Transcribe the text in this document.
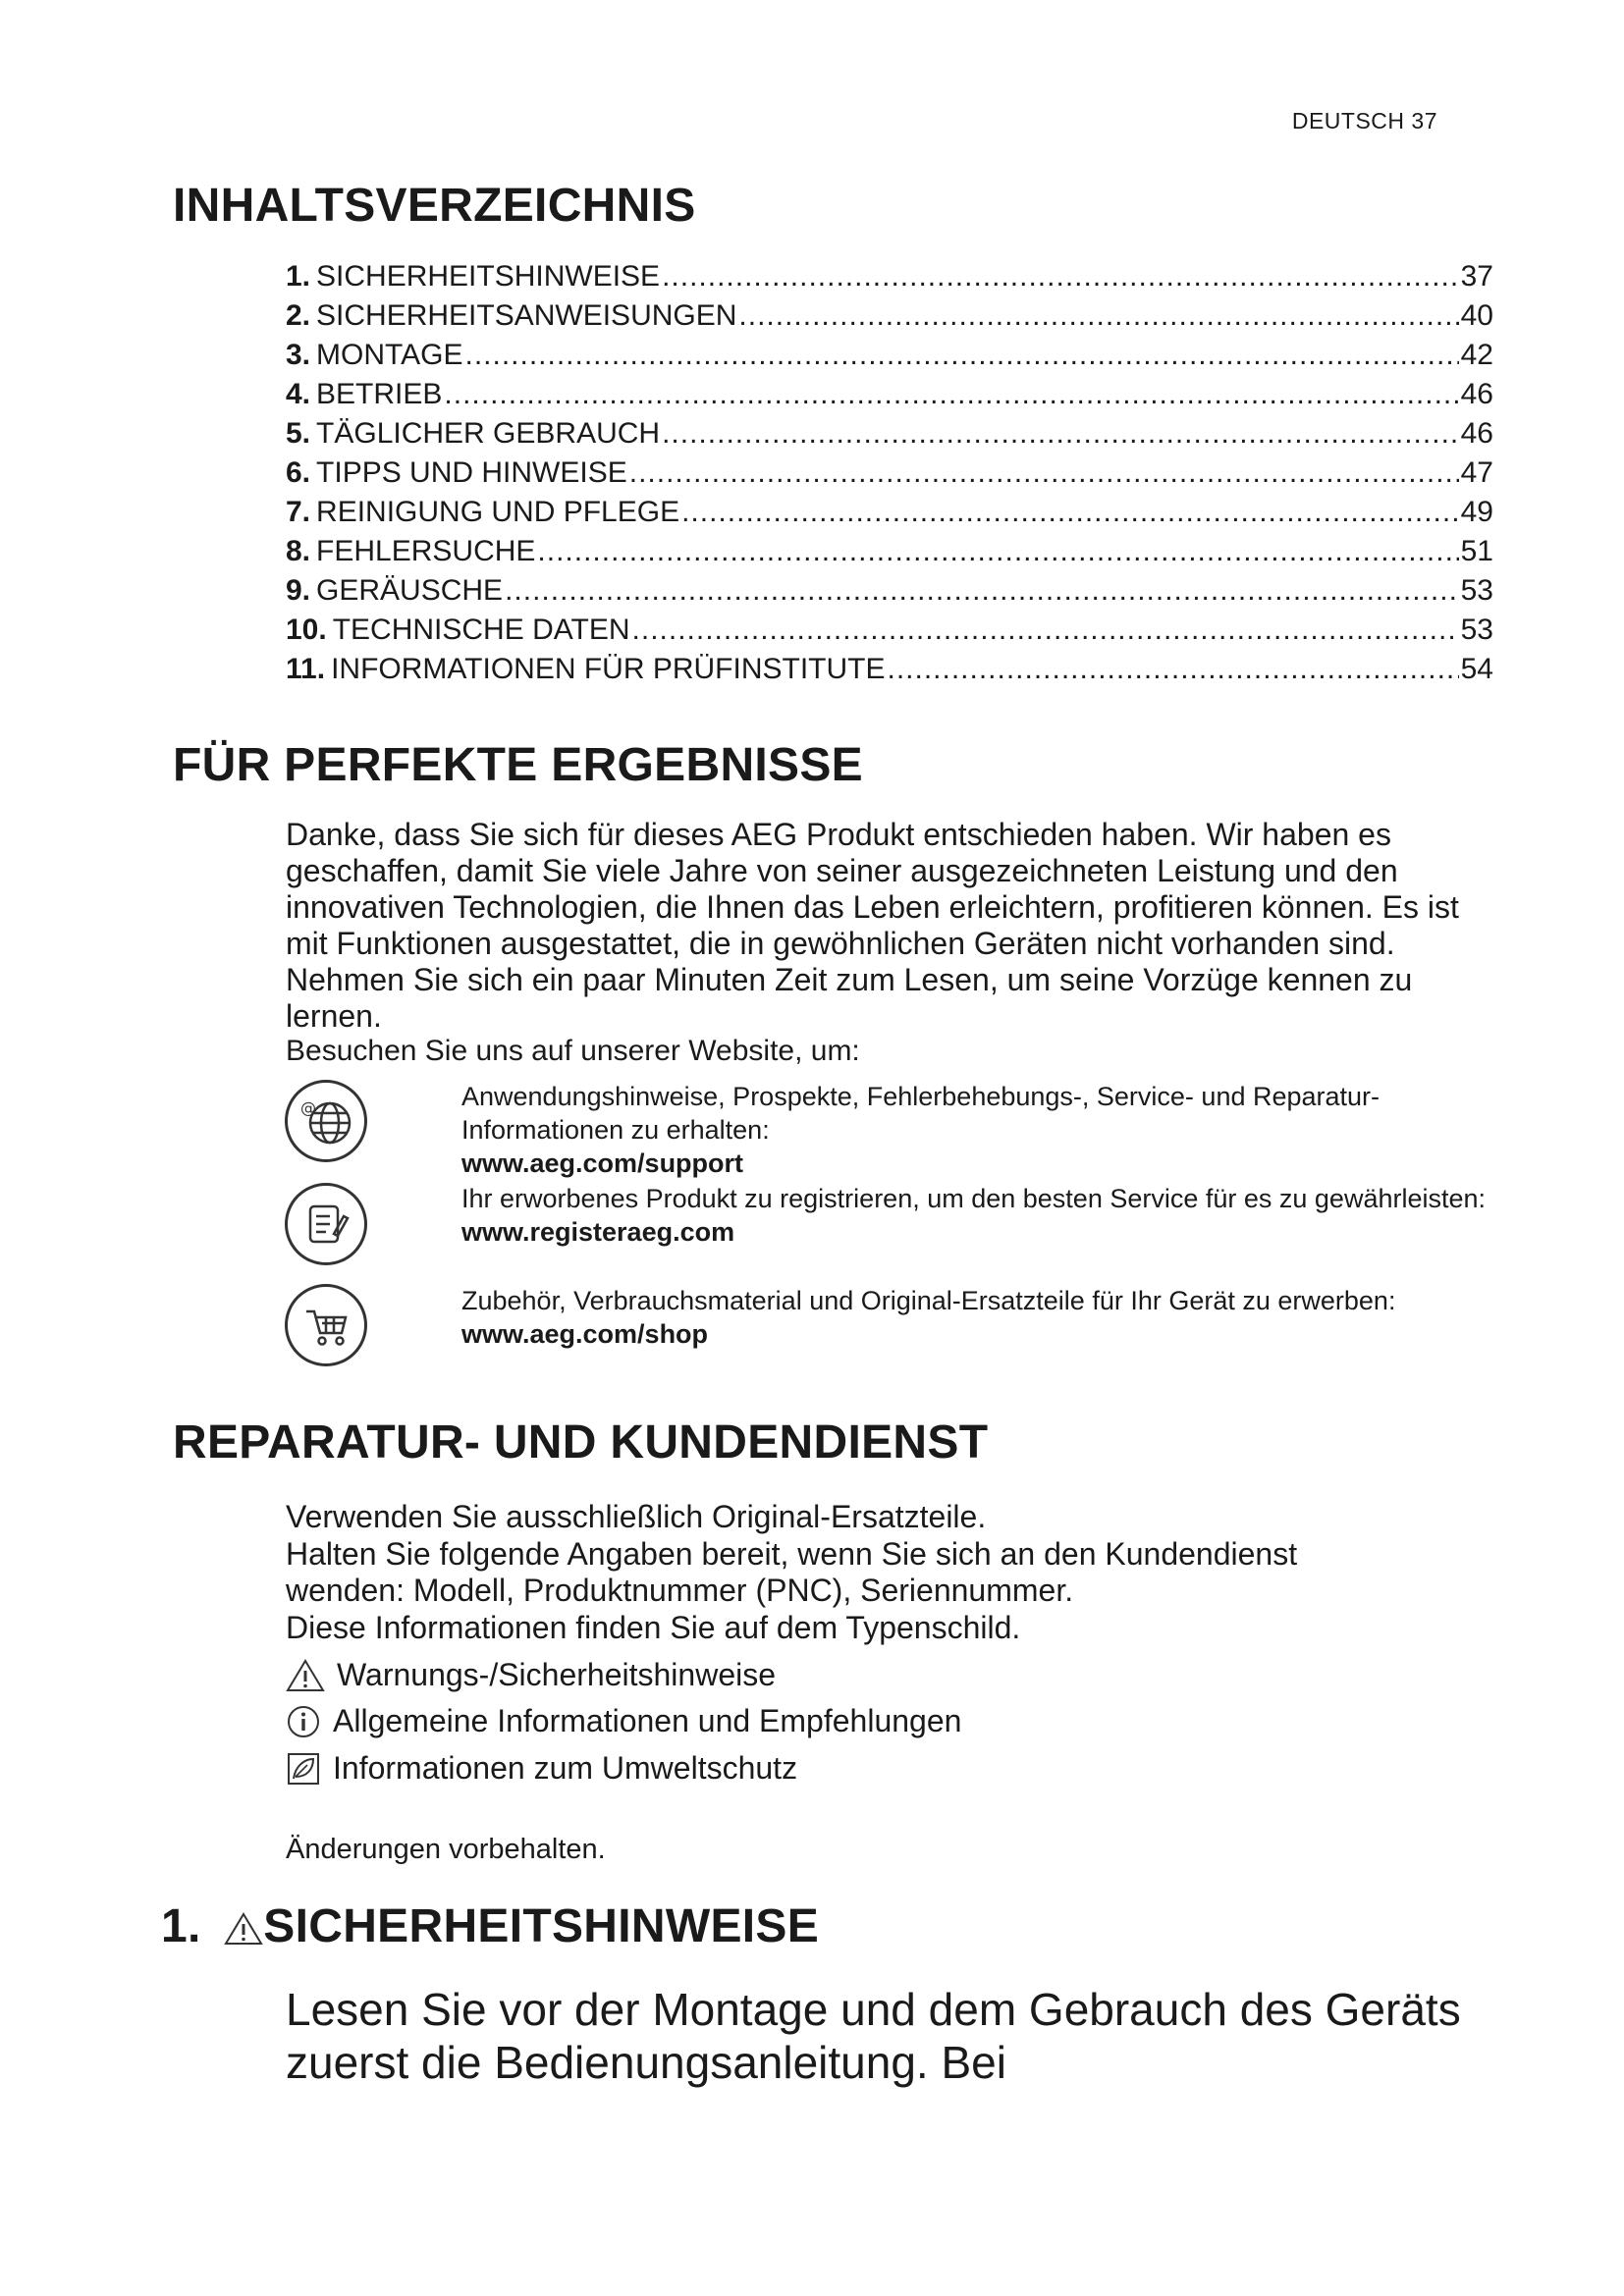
DEUTSCH 37
INHALTSVERZEICHNIS
1. SICHERHEITSHINWEISE .....	37
2. SICHERHEITSANWEISUNGEN .....	40
3. MONTAGE .....	42
4. BETRIEB .....	46
5. TÄGLICHER GEBRAUCH .....	46
6. TIPPS UND HINWEISE .....	47
7. REINIGUNG UND PFLEGE .....	49
8. FEHLERSUCHE .....	51
9. GERÄUSCHE .....	53
10. TECHNISCHE DATEN .....	53
11. INFORMATIONEN FÜR PRÜFINSTITUTE .....	54
FÜR PERFEKTE ERGEBNISSE

Danke, dass Sie sich für dieses AEG Produkt entschieden haben. Wir haben es geschaffen, damit Sie viele Jahre von seiner ausgezeichneten Leistung und den innovativen Technologien, die Ihnen das Leben erleichtern, profitieren können. Es ist mit Funktionen ausgestattet, die in gewöhnlichen Geräten nicht vorhanden sind. Nehmen Sie sich ein paar Minuten Zeit zum Lesen, um seine Vorzüge kennen zu lernen.

Besuchen Sie uns auf unserer Website, um:

@	Anwendungshinweise, Prospekte, Fehlerbehebungs-, Service- und Reparatur-Informationen zu erhalten:
www.aeg.com/support
Ihr erworbenes Produkt zu registrieren, um den besten Service für es zu gewährleisten:
www.registeraeg.com
Zubehör, Verbrauchsmaterial und Original-Ersatzteile für Ihr Gerät zu erwerben:
www.aeg.com/shop
REPARATUR- UND KUNDENDIENST

Verwenden Sie ausschließlich Original-Ersatzteile.

Halten Sie folgende Angaben bereit, wenn Sie sich an den Kundendienst wenden: Modell, Produktnummer (PNC), Seriennummer.

Diese Informationen finden Sie auf dem Typenschild.

Warnungs-/Sicherheitshinweise
Allgemeine Informationen und Empfehlungen
Informationen zum Umweltschutz

Änderungen vorbehalten.

1. SICHERHEITSHINWEISE

Lesen Sie vor der Montage und dem Gebrauch des Geräts zuerst die Bedienungsanleitung. Bei
